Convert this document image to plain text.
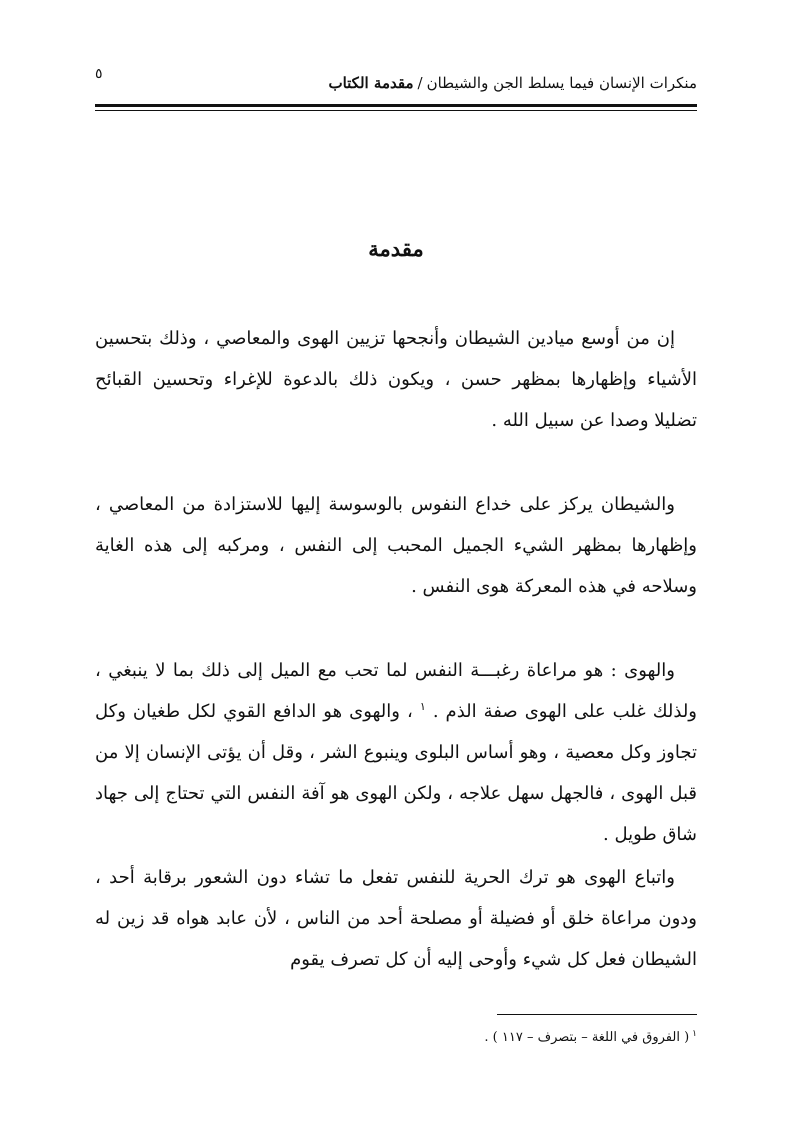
٥	منكرات الإنسان فيما يسلط الجن والشيطان/مقدمة الكتاب
مقدمة
إن من أوسع ميادين الشيطان وأنجحها تزيين الهوى والمعاصي ، وذلك بتحسين الأشياء وإظهارها بمظهر حسن ، ويكون ذلك بالدعوة للإغراء وتحسين القبائح تضليلا وصدا عن سبيل الله .
والشيطان يركز على خداع النفوس بالوسوسة إليها للاستزادة من المعاصي ، وإظهارها بمظهر الشيء الجميل المحبب إلى النفس ، ومركبه إلى هذه الغاية وسلاحه في هذه المعركة هوى النفس .
والهوى : هو مراعاة رغبـــة النفس لما تحب مع الميل إلى ذلك بما لا ينبغي ، ولذلك غلب على الهوى صفة الذم . $^١$ ، والهوى هو الدافع القوي لكل طغيان وكل تجاوز وكل معصية ، وهو أساس البلوى وينبوع الشر ، وقل أن يؤتى الإنسان إلا من قبل الهوى ، فالجهل سهل علاجه ، ولكن الهوى هو آفة النفس التي تحتاج إلى جهاد شاق طويل .
واتباع الهوى هو ترك الحرية للنفس تفعل ما تشاء دون الشعور برقابة أحد ، ودون مراعاة خلق أو فضيلة أو مصلحة أحد من الناس ، لأن عابد هواه قد زين له الشيطان فعل كل شيء وأوحى إليه أن كل تصرف يقوم
$^١$( الفروق في اللغة – بتصرف – ١١٧ ) .
